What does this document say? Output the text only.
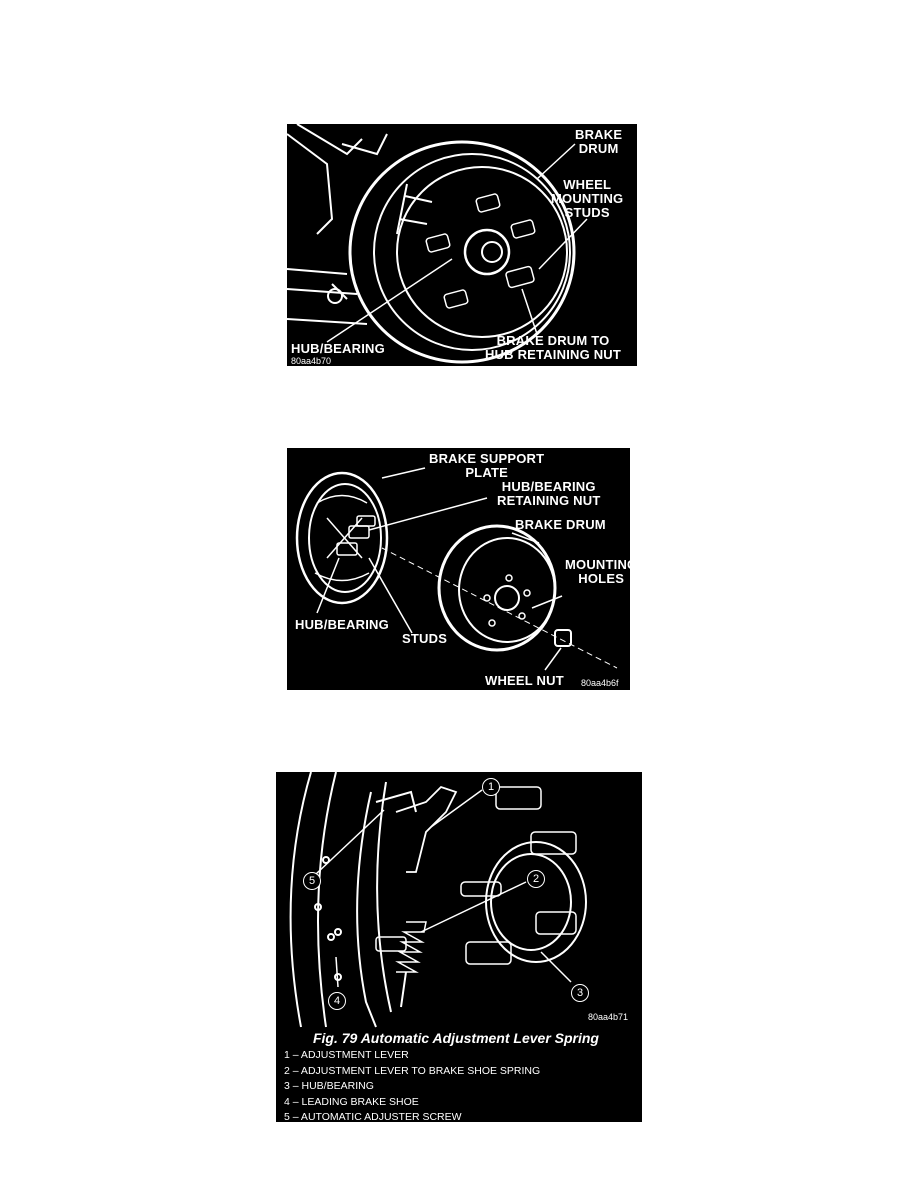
BRAKE
DRUM
WHEEL
MOUNTING
STUDS
HUB/BEARING
BRAKE DRUM TO
HUB RETAINING NUT
80aa4b70
BRAKE SUPPORT
PLATE
HUB/BEARING
RETAINING NUT
BRAKE DRUM
MOUNTING
HOLES
HUB/BEARING
STUDS
WHEEL NUT 80aa4b6f
1
2
3
4
5
80aa4b71
Fig. 79 Automatic Adjustment Lever Spring
1 – ADJUSTMENT LEVER
2 – ADJUSTMENT LEVER TO BRAKE SHOE SPRING
3 – HUB/BEARING
4 – LEADING BRAKE SHOE
5 – AUTOMATIC ADJUSTER SCREW
